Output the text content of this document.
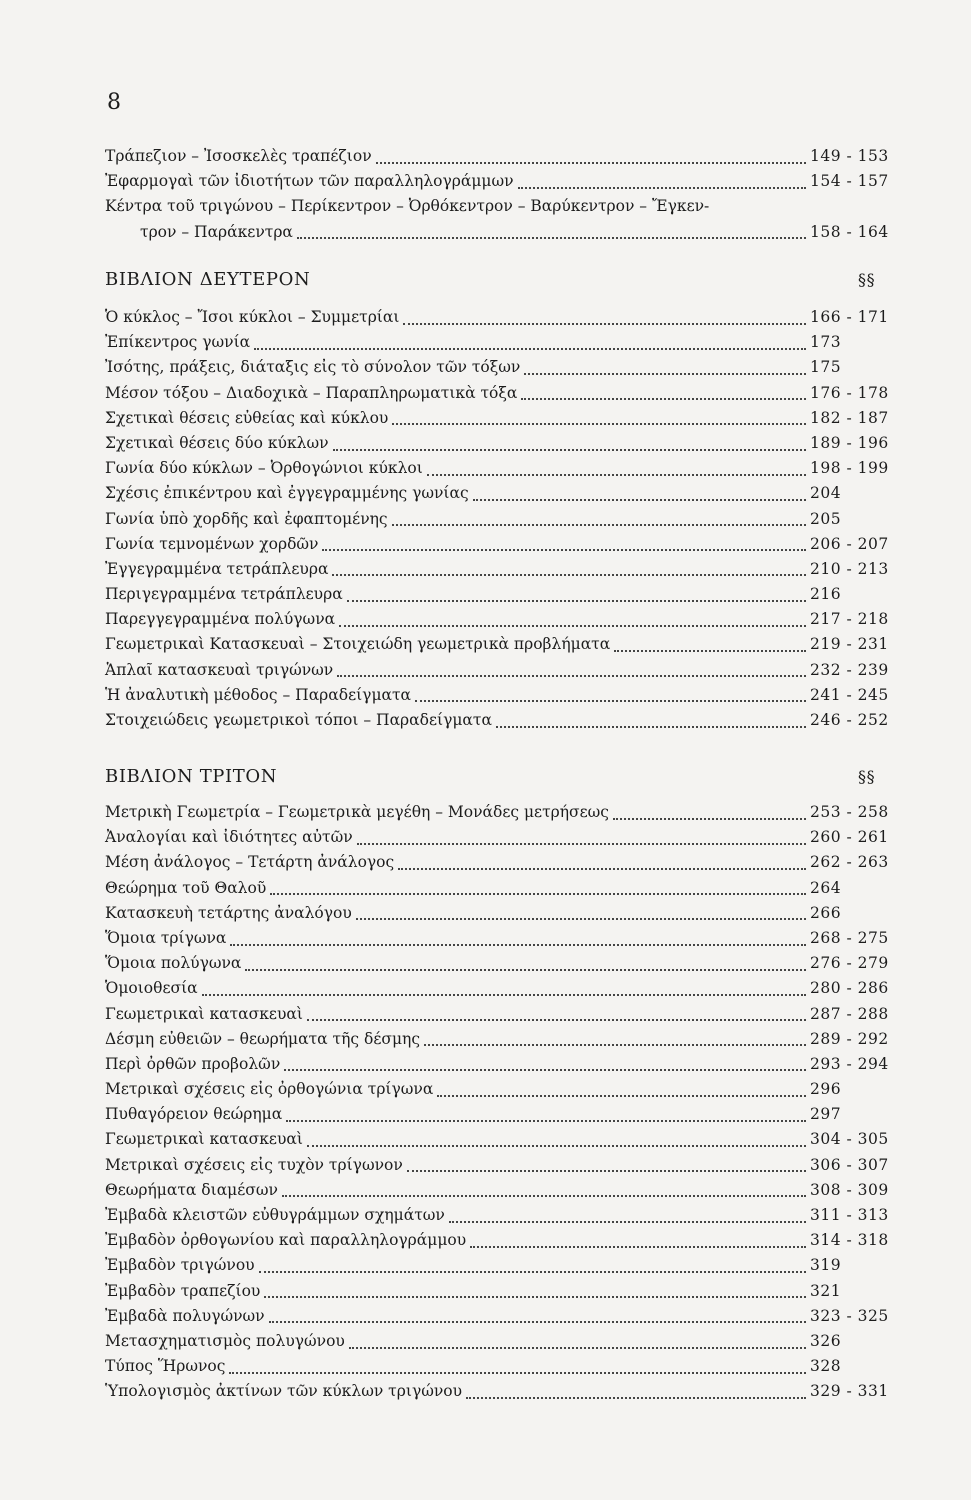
8
Τράπεζιον – Ἰσοσκελὲς τραπέζιον	149 - 153
Ἐφαρμογαὶ τῶν ἰδιοτήτων τῶν παραλληλογράμμων	154 - 157
Κέντρα τοῦ τριγώνου – Περίκεντρον – Ὀρθόκεντρον – Βαρύκεντρον – Ἔγκεν-
τρον – Παράκεντρα	158 - 164
ΒΙΒΛΙΟΝ ΔΕΥΤΕΡΟΝ	§§
Ὁ κύκλος – Ἴσοι κύκλοι – Συμμετρίαι	166 - 171
Ἐπίκεντρος γωνία	173
Ἰσότης, πράξεις, διάταξις εἰς τὸ σύνολον τῶν τόξων	175
Μέσον τόξου – Διαδοχικὰ – Παραπληρωματικὰ τόξα	176 - 178
Σχετικαὶ θέσεις εὐθείας καὶ κύκλου	182 - 187
Σχετικαὶ θέσεις δύο κύκλων	189 - 196
Γωνία δύο κύκλων – Ὀρθογώνιοι κύκλοι	198 - 199
Σχέσις ἐπικέντρου καὶ ἐγγεγραμμένης γωνίας	204
Γωνία ὑπὸ χορδῆς καὶ ἐφαπτομένης	205
Γωνία τεμνομένων χορδῶν	206 - 207
Ἐγγεγραμμένα τετράπλευρα	210 - 213
Περιγεγραμμένα τετράπλευρα	216
Παρεγγεγραμμένα πολύγωνα	217 - 218
Γεωμετρικαὶ Κατασκευαὶ – Στοιχειώδη γεωμετρικὰ προβλήματα	219 - 231
Ἁπλαῖ κατασκευαὶ τριγώνων	232 - 239
Ἡ ἀναλυτικὴ μέθοδος – Παραδείγματα	241 - 245
Στοιχειώδεις γεωμετρικοὶ τόποι – Παραδείγματα	246 - 252
ΒΙΒΛΙΟΝ ΤΡΙΤΟΝ	§§
Μετρικὴ Γεωμετρία – Γεωμετρικὰ μεγέθη – Μονάδες μετρήσεως	253 - 258
Ἀναλογίαι καὶ ἰδιότητες αὐτῶν	260 - 261
Μέση ἀνάλογος – Τετάρτη ἀνάλογος	262 - 263
Θεώρημα τοῦ Θαλοῦ	264
Κατασκευὴ τετάρτης ἀναλόγου	266
Ὅμοια τρίγωνα	268 - 275
Ὅμοια πολύγωνα	276 - 279
Ὁμοιοθεσία	280 - 286
Γεωμετρικαὶ κατασκευαὶ	287 - 288
Δέσμη εὐθειῶν – θεωρήματα τῆς δέσμης	289 - 292
Περὶ ὀρθῶν προβολῶν	293 - 294
Μετρικαὶ σχέσεις εἰς ὀρθογώνια τρίγωνα	296
Πυθαγόρειον θεώρημα	297
Γεωμετρικαὶ κατασκευαὶ	304 - 305
Μετρικαὶ σχέσεις εἰς τυχὸν τρίγωνον	306 - 307
Θεωρήματα διαμέσων	308 - 309
Ἐμβαδὰ κλειστῶν εὐθυγράμμων σχημάτων	311 - 313
Ἐμβαδὸν ὀρθογωνίου καὶ παραλληλογράμμου	314 - 318
Ἐμβαδὸν τριγώνου	319
Ἐμβαδὸν τραπεζίου	321
Ἐμβαδὰ πολυγώνων	323 - 325
Μετασχηματισμὸς πολυγώνου	326
Τύπος Ἥρωνος	328
Ὑπολογισμὸς ἀκτίνων τῶν κύκλων τριγώνου	329 - 331
